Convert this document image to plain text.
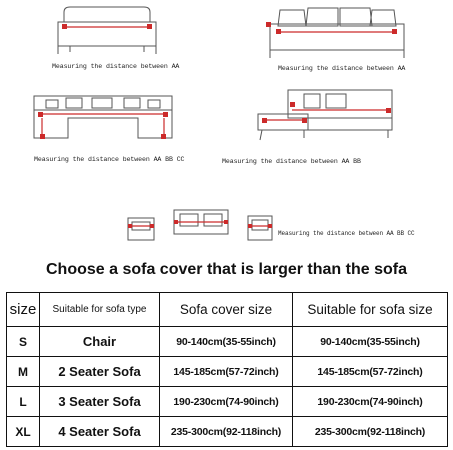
Measuring the distance between AA	Measuring the distance between AA
Measuring the distance between AA BB CC	Measuring the distance between AA BB
Measuring the distance between AA BB CC
Choose a sofa cover that is larger than the sofa
size	Suitable for sofa type	Sofa cover size	Suitable for sofa size
S	Chair	90-140cm(35-55inch)	90-140cm(35-55inch)
M	2 Seater Sofa	145-185cm(57-72inch)	145-185cm(57-72inch)
L	3 Seater Sofa	190-230cm(74-90inch)	190-230cm(74-90inch)
XL	4 Seater Sofa	235-300cm(92-118inch)	235-300cm(92-118inch)
